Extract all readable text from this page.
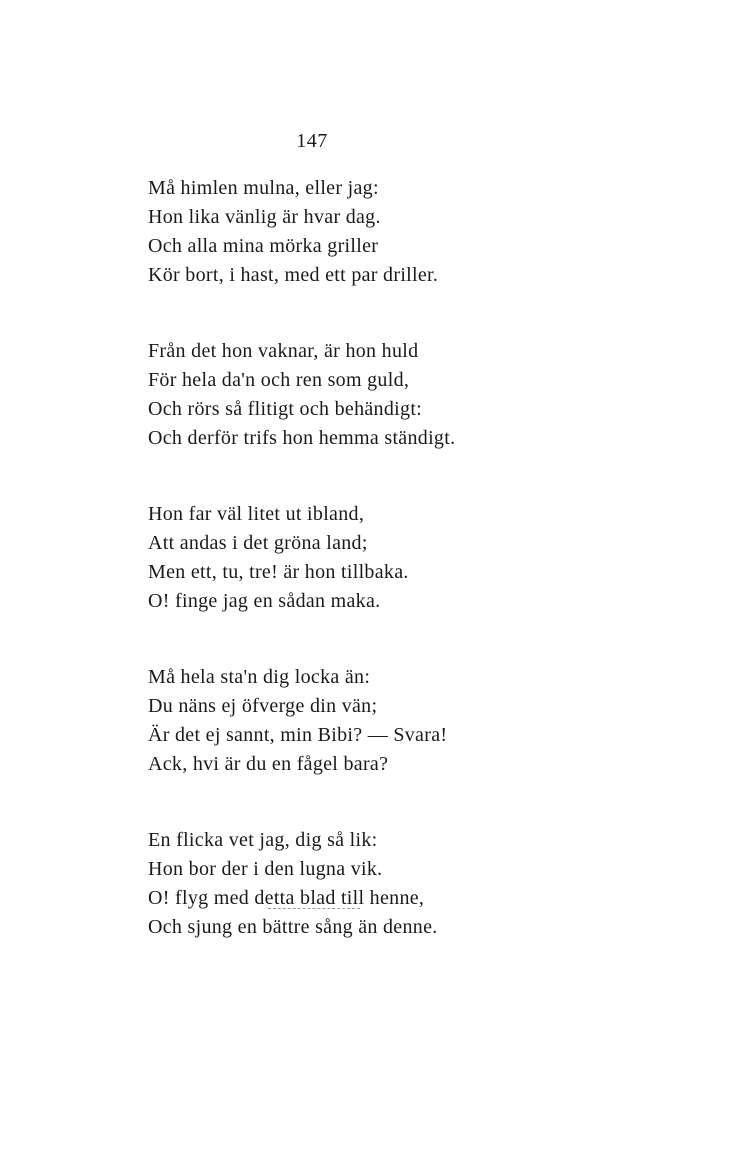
147
Må himlen mulna, eller jag:
Hon lika vänlig är hvar dag.
Och alla mina mörka griller
Kör bort, i hast, med ett par driller.
Från det hon vaknar, är hon huld
För hela da'n och ren som guld,
Och rörs så flitigt och behändigt:
Och derför trifs hon hemma ständigt.
Hon far väl litet ut ibland,
Att andas i det gröna land;
Men ett, tu, tre! är hon tillbaka.
O! finge jag en sådan maka.
Må hela sta'n dig locka än:
Du näns ej öfverge din vän;
Är det ej sannt, min Bibi? — Svara!
Ack, hvi är du en fågel bara?
En flicka vet jag, dig så lik:
Hon bor der i den lugna vik.
O! flyg med detta blad till henne,
Och sjung en bättre sång än denne.
